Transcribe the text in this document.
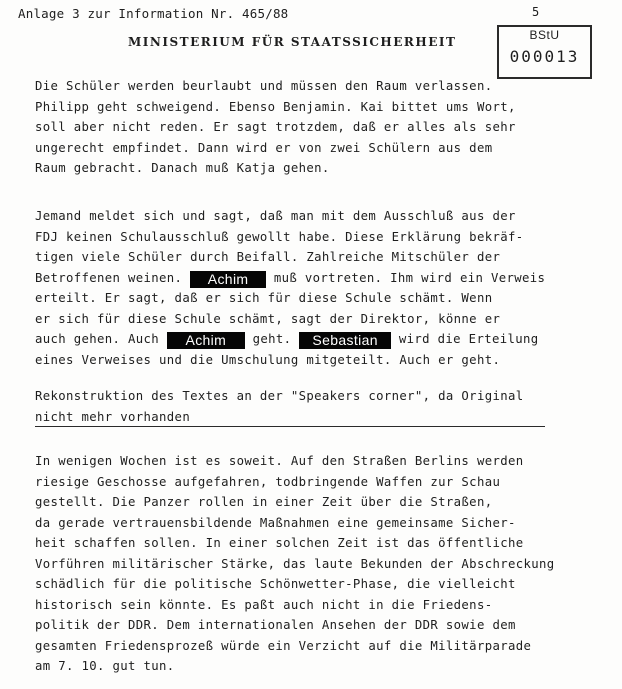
Anlage 3 zur Information Nr. 465/88	5
MINISTERIUM FÜR STAATSSICHERHEIT	BStU
000013
Die Schüler werden beurlaubt und müssen den Raum verlassen.
Philipp geht schweigend. Ebenso Benjamin. Kai bittet ums Wort,
soll aber nicht reden. Er sagt trotzdem, daß er alles als sehr
ungerecht empfindet. Dann wird er von zwei Schülern aus dem
Raum gebracht. Danach muß Katja gehen.
Jemand meldet sich und sagt, daß man mit dem Ausschluß aus der
FDJ keinen Schulausschluß gewollt habe. Diese Erklärung bekräf-
tigen viele Schüler durch Beifall. Zahlreiche Mitschüler der
Betroffenen weinen. Achim muß vortreten. Ihm wird ein Verweis
erteilt. Er sagt, daß er sich für diese Schule schämt. Wenn
er sich für diese Schule schämt, sagt der Direktor, könne er
auch gehen. Auch Achim geht. Sebastian wird die Erteilung
eines Verweises und die Umschulung mitgeteilt. Auch er geht.
Rekonstruktion des Textes an der "Speakers corner", da Original
nicht mehr vorhanden
In wenigen Wochen ist es soweit. Auf den Straßen Berlins werden
riesige Geschosse aufgefahren, todbringende Waffen zur Schau
gestellt. Die Panzer rollen in einer Zeit über die Straßen,
da gerade vertrauensbildende Maßnahmen eine gemeinsame Sicher-
heit schaffen sollen. In einer solchen Zeit ist das öffentliche
Vorführen militärischer Stärke, das laute Bekunden der Abschreckung
schädlich für die politische Schönwetter-Phase, die vielleicht
historisch sein könnte. Es paßt auch nicht in die Friedens-
politik der DDR. Dem internationalen Ansehen der DDR sowie dem
gesamten Friedensprozeß würde ein Verzicht auf die Militärparade
am 7. 10. gut tun.
